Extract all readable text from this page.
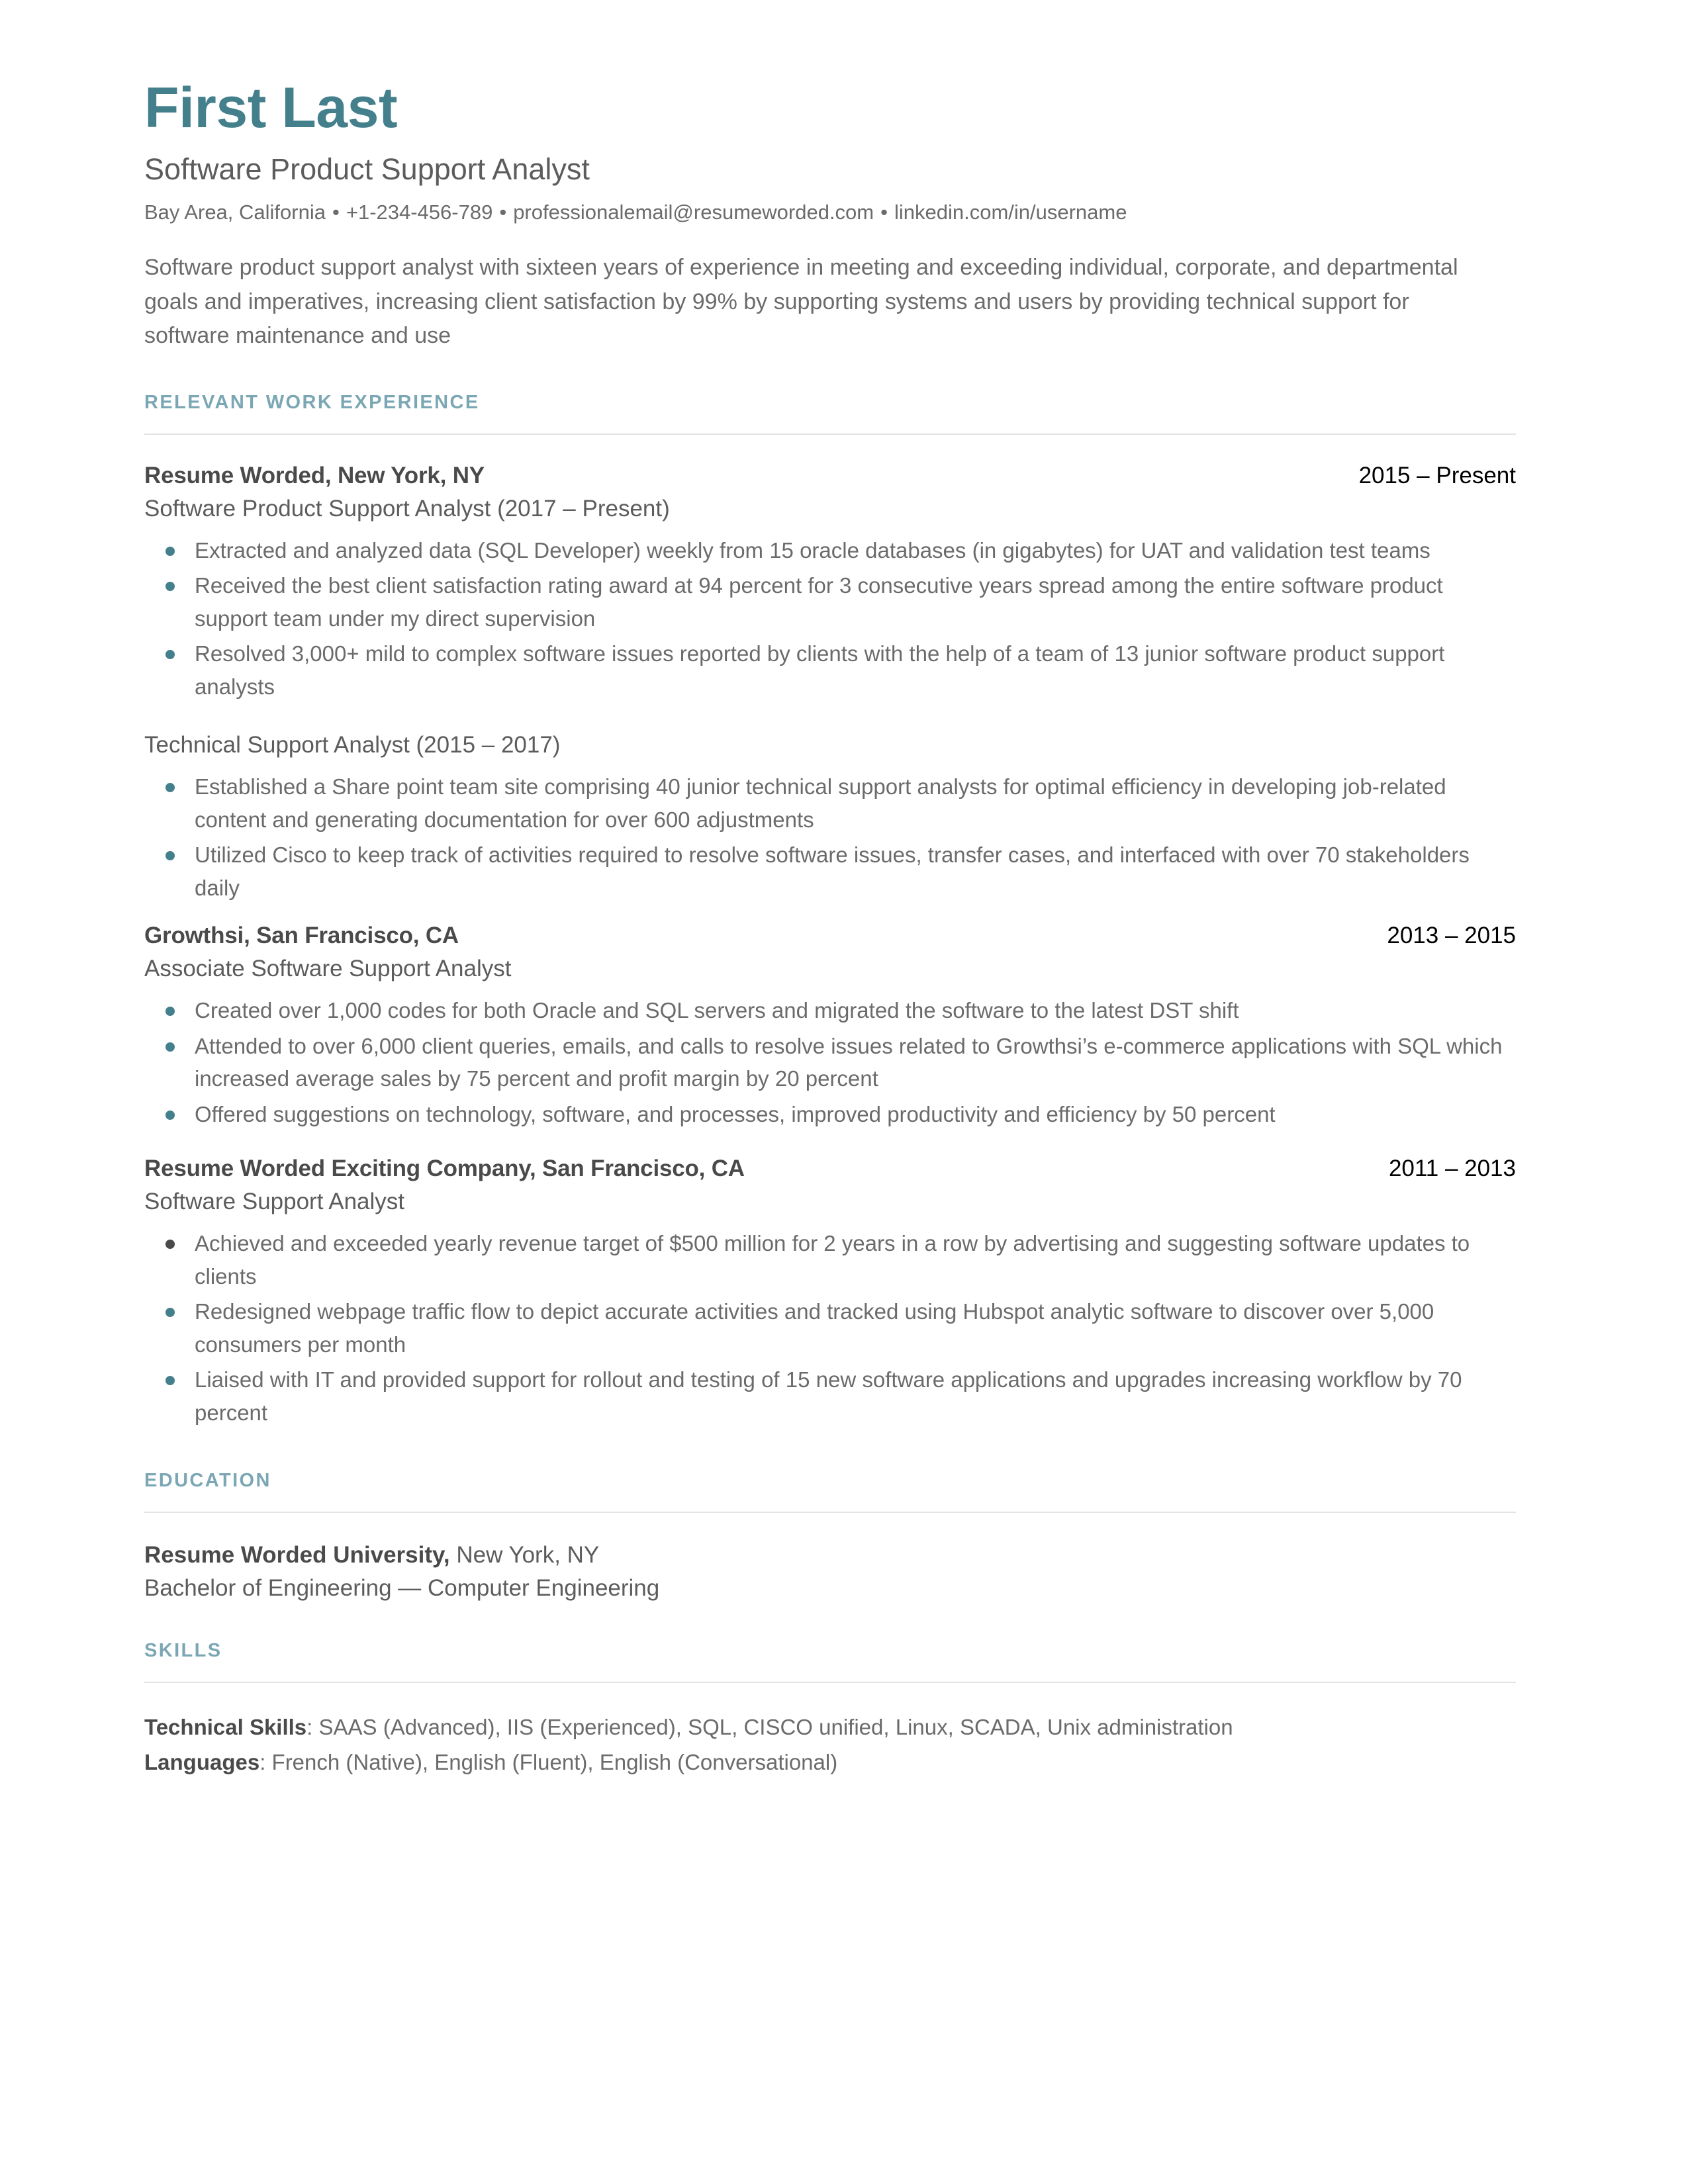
First Last
Software Product Support Analyst
Bay Area, California • +1-234-456-789 • professionalemail@resumeworded.com • linkedin.com/in/username

Software product support analyst with sixteen years of experience in meeting and exceeding individual, corporate, and departmental goals and imperatives, increasing client satisfaction by 99% by supporting systems and users by providing technical support for software maintenance and use

RELEVANT WORK EXPERIENCE
Resume Worded, New York, NY	2015 – Present
Software Product Support Analyst (2017 – Present)
Extracted and analyzed data (SQL Developer) weekly from 15 oracle databases (in gigabytes) for UAT and validation test teams
Received the best client satisfaction rating award at 94 percent for 3 consecutive years spread among the entire software product support team under my direct supervision
Resolved 3,000+ mild to complex software issues reported by clients with the help of a team of 13 junior software product support analysts
Technical Support Analyst (2015 – 2017)
Established a Share point team site comprising 40 junior technical support analysts for optimal efficiency in developing job-related content and generating documentation for over 600 adjustments
Utilized Cisco to keep track of activities required to resolve software issues, transfer cases, and interfaced with over 70 stakeholders daily
Growthsi, San Francisco, CA	2013 – 2015
Associate Software Support Analyst
Created over 1,000 codes for both Oracle and SQL servers and migrated the software to the latest DST shift
Attended to over 6,000 client queries, emails, and calls to resolve issues related to Growthsi’s e-commerce applications with SQL which increased average sales by 75 percent and profit margin by 20 percent
Offered suggestions on technology, software, and processes, improved productivity and efficiency by 50 percent
Resume Worded Exciting Company, San Francisco, CA	2011 – 2013
Software Support Analyst
Achieved and exceeded yearly revenue target of $500 million for 2 years in a row by advertising and suggesting software updates to clients
Redesigned webpage traffic flow to depict accurate activities and tracked using Hubspot analytic software to discover over 5,000 consumers per month
Liaised with IT and provided support for rollout and testing of 15 new software applications and upgrades increasing workflow by 70 percent
EDUCATION
Resume Worded University, New York, NY
Bachelor of Engineering — Computer Engineering
SKILLS
Technical Skills: SAAS (Advanced), IIS (Experienced), SQL, CISCO unified, Linux, SCADA, Unix administration
Languages: French (Native), English (Fluent), English (Conversational)
